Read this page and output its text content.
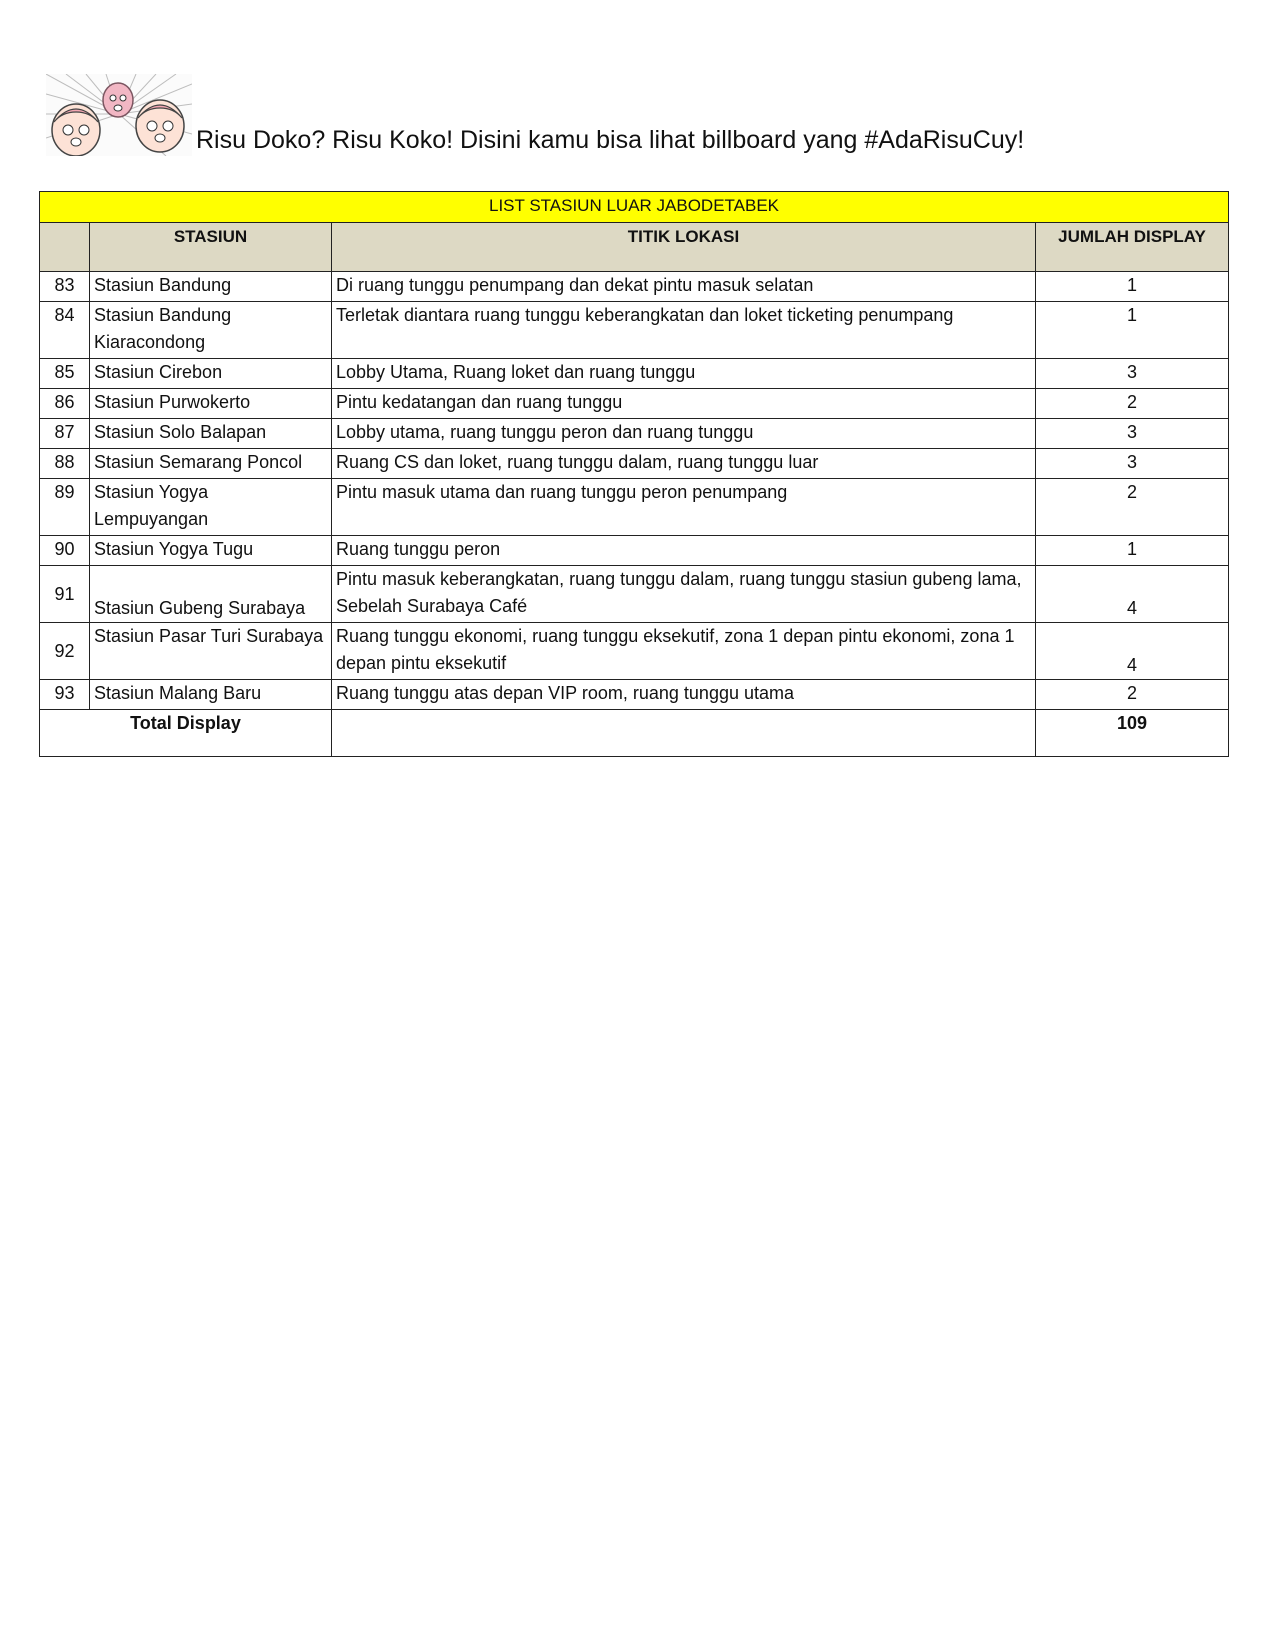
Risu Doko? Risu Koko! Disini kamu bisa lihat billboard yang #AdaRisuCuy!
LIST STASIUN LUAR JABODETABEK			
	STASIUN	TITIK LOKASI	JUMLAH DISPLAY
83	Stasiun Bandung	Di ruang tunggu penumpang dan dekat pintu masuk selatan	1
84	Stasiun Bandung Kiaracondong	Terletak diantara ruang tunggu keberangkatan dan loket ticketing penumpang	1
85	Stasiun Cirebon	Lobby Utama, Ruang loket dan ruang tunggu	3
86	Stasiun Purwokerto	Pintu kedatangan dan ruang tunggu	2
87	Stasiun Solo Balapan	Lobby utama, ruang tunggu peron dan ruang tunggu	3
88	Stasiun Semarang Poncol	Ruang CS dan loket, ruang tunggu dalam, ruang tunggu luar	3
89	Stasiun Yogya Lempuyangan	Pintu masuk utama dan ruang tunggu peron penumpang	2
90	Stasiun Yogya Tugu	Ruang tunggu peron	1
91	Stasiun Gubeng Surabaya	Pintu masuk keberangkatan, ruang tunggu dalam, ruang tunggu stasiun gubeng lama, Sebelah Surabaya Café	4
92	Stasiun Pasar Turi Surabaya	Ruang tunggu ekonomi, ruang tunggu eksekutif, zona 1 depan pintu ekonomi, zona 1 depan pintu eksekutif	4
93	Stasiun Malang Baru	Ruang tunggu atas depan VIP room, ruang tunggu utama	2
Total Display			109
